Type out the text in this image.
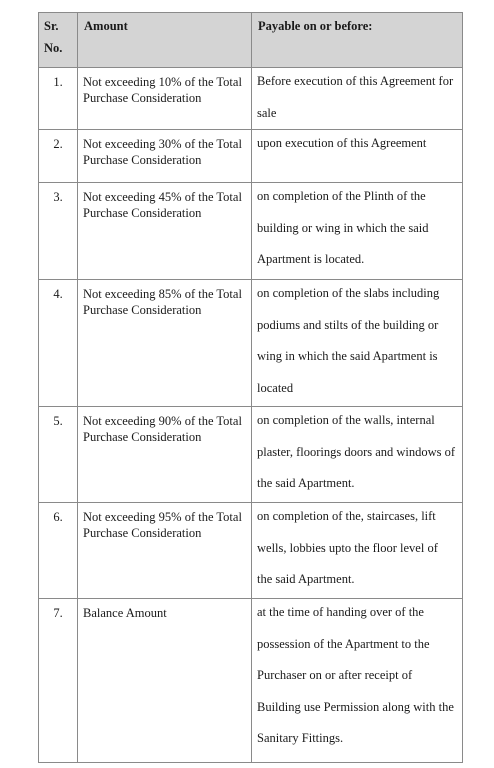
Sr. No.	Amount	Payable on or before:

1.	Not exceeding 10% of the Total Purchase Consideration	Before execution of this Agreement for sale

2.	Not exceeding 30% of the Total Purchase Consideration	upon execution of this Agreement

3.	Not exceeding 45% of the Total Purchase Consideration	on completion of the Plinth of the building or wing in which the said Apartment is located.

4.	Not exceeding 85% of the Total Purchase Consideration	on completion of the slabs including podiums and stilts of the building or wing in which the said Apartment is located

5.	Not exceeding 90% of the Total Purchase Consideration	on completion of the walls, internal plaster, floorings doors and windows of the said Apartment.

6.	Not exceeding 95% of the Total Purchase Consideration	on completion of the, staircases, lift wells, lobbies upto the floor level of the said Apartment.

7.	Balance Amount	at the time of handing over of the possession of the Apartment to the Purchaser on or after receipt of Building use Permission along with the Sanitary Fittings.
